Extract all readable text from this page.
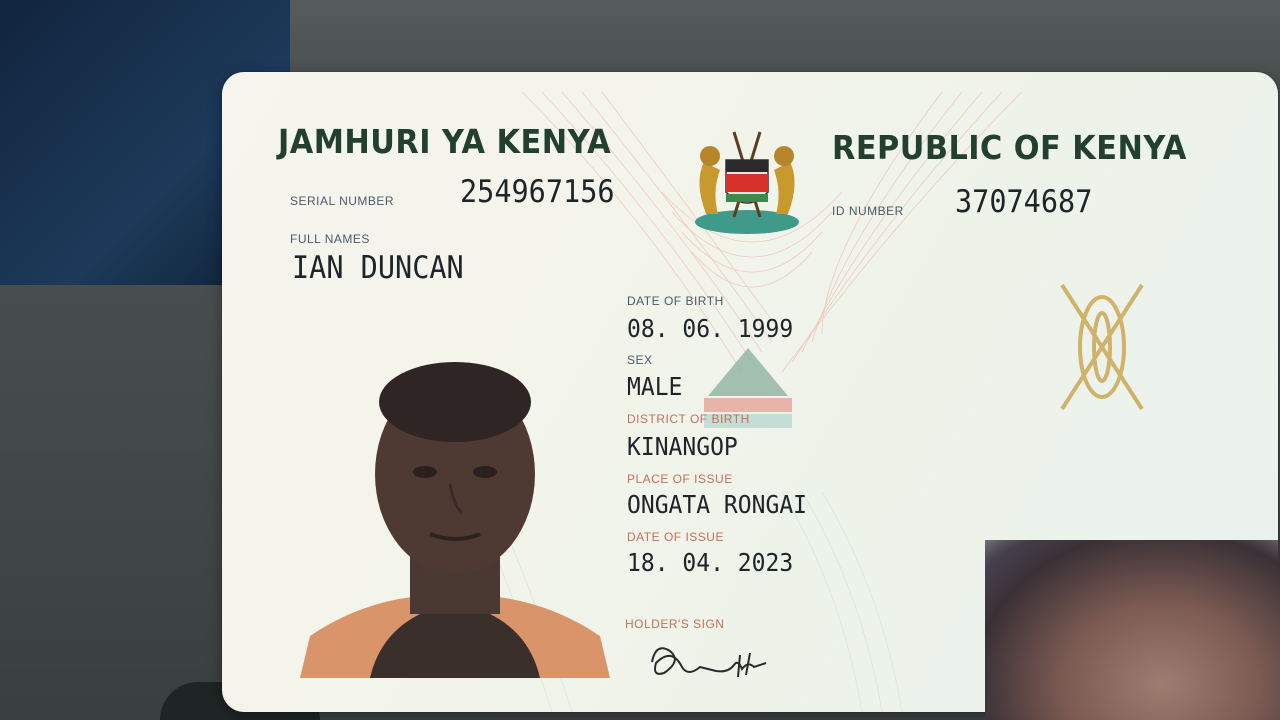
JAMHURI YA KENYA	REPUBLIC OF KENYA
SERIAL NUMBER 254967156
ID NUMBER 37074687
FULL NAMES
IAN DUNCAN
DATE OF BIRTH
08. 06. 1999
SEX
MALE
DISTRICT OF BIRTH
KINANGOP
PLACE OF ISSUE
ONGATA RONGAI
DATE OF ISSUE
18. 04. 2023
HOLDER'S SIGN
